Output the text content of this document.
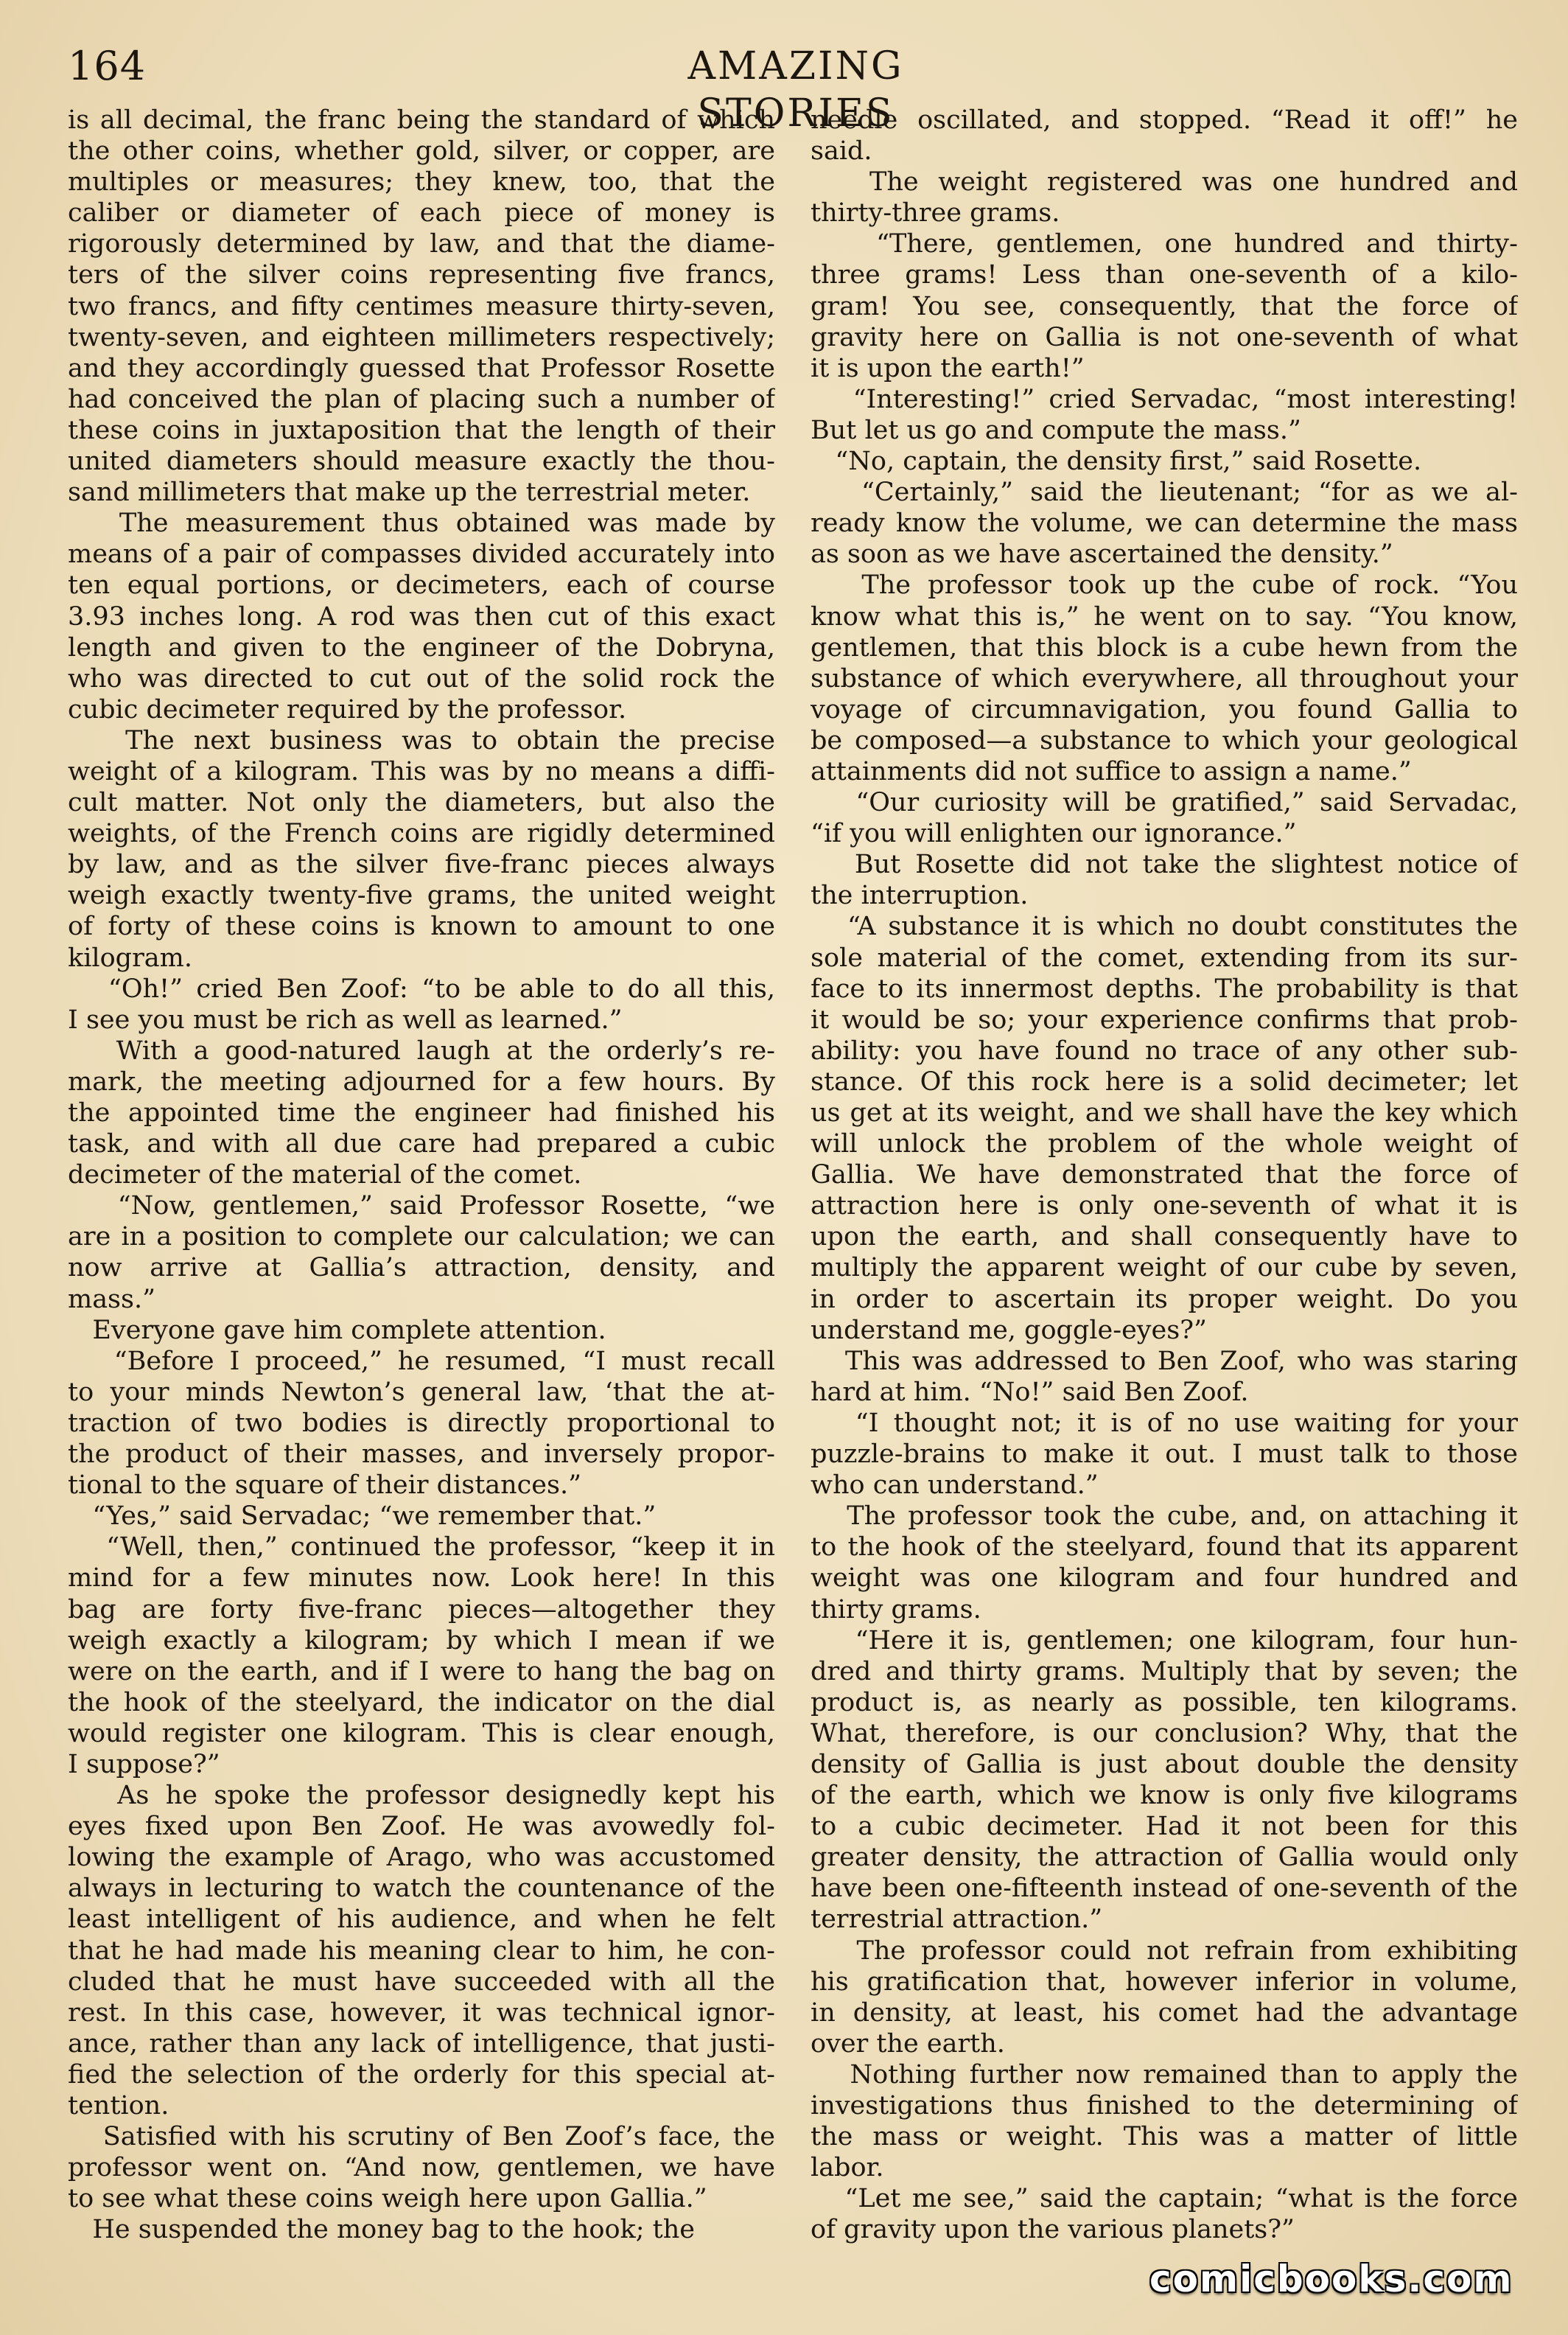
164	AMAZING STORIES
is all decimal, the franc being the standard of which
the other coins, whether gold, silver, or copper, are
multiples or measures; they knew, too, that the
caliber or diameter of each piece of money is
rigorously determined by law, and that the diame-
ters of the silver coins representing five francs,
two francs, and fifty centimes measure thirty-seven,
twenty-seven, and eighteen millimeters respectively;
and they accordingly guessed that Professor Rosette
had conceived the plan of placing such a number of
these coins in juxtaposition that the length of their
united diameters should measure exactly the thou-
sand millimeters that make up the terrestrial meter.
The measurement thus obtained was made by
means of a pair of compasses divided accurately into
ten equal portions, or decimeters, each of course
3.93 inches long. A rod was then cut of this exact
length and given to the engineer of the Dobryna,
who was directed to cut out of the solid rock the
cubic decimeter required by the professor.
The next business was to obtain the precise
weight of a kilogram. This was by no means a diffi-
cult matter. Not only the diameters, but also the
weights, of the French coins are rigidly determined
by law, and as the silver five-franc pieces always
weigh exactly twenty-five grams, the united weight
of forty of these coins is known to amount to one
kilogram.
“Oh!” cried Ben Zoof: “to be able to do all this,
I see you must be rich as well as learned.”
With a good-natured laugh at the orderly’s re-
mark, the meeting adjourned for a few hours. By
the appointed time the engineer had finished his
task, and with all due care had prepared a cubic
decimeter of the material of the comet.
“Now, gentlemen,” said Professor Rosette, “we
are in a position to complete our calculation; we can
now arrive at Gallia’s attraction, density, and
mass.”
Everyone gave him complete attention.
“Before I proceed,” he resumed, “I must recall
to your minds Newton’s general law, ‘that the at-
traction of two bodies is directly proportional to
the product of their masses, and inversely propor-
tional to the square of their distances.”
“Yes,” said Servadac; “we remember that.”
“Well, then,” continued the professor, “keep it in
mind for a few minutes now. Look here! In this
bag are forty five-franc pieces—altogether they
weigh exactly a kilogram; by which I mean if we
were on the earth, and if I were to hang the bag on
the hook of the steelyard, the indicator on the dial
would register one kilogram. This is clear enough,
I suppose?”
As he spoke the professor designedly kept his
eyes fixed upon Ben Zoof. He was avowedly fol-
lowing the example of Arago, who was accustomed
always in lecturing to watch the countenance of the
least intelligent of his audience, and when he felt
that he had made his meaning clear to him, he con-
cluded that he must have succeeded with all the
rest. In this case, however, it was technical ignor-
ance, rather than any lack of intelligence, that justi-
fied the selection of the orderly for this special at-
tention.
Satisfied with his scrutiny of Ben Zoof’s face, the
professor went on. “And now, gentlemen, we have
to see what these coins weigh here upon Gallia.”
He suspended the money bag to the hook; the
needle oscillated, and stopped. “Read it off!” he
said.
The weight registered was one hundred and
thirty-three grams.
“There, gentlemen, one hundred and thirty-
three grams! Less than one-seventh of a kilo-
gram! You see, consequently, that the force of
gravity here on Gallia is not one-seventh of what
it is upon the earth!”
“Interesting!” cried Servadac, “most interesting!
But let us go and compute the mass.”
“No, captain, the density first,” said Rosette.
“Certainly,” said the lieutenant; “for as we al-
ready know the volume, we can determine the mass
as soon as we have ascertained the density.”
The professor took up the cube of rock. “You
know what this is,” he went on to say. “You know,
gentlemen, that this block is a cube hewn from the
substance of which everywhere, all throughout your
voyage of circumnavigation, you found Gallia to
be composed—a substance to which your geological
attainments did not suffice to assign a name.”
“Our curiosity will be gratified,” said Servadac,
“if you will enlighten our ignorance.”
But Rosette did not take the slightest notice of
the interruption.
“A substance it is which no doubt constitutes the
sole material of the comet, extending from its sur-
face to its innermost depths. The probability is that
it would be so; your experience confirms that prob-
ability: you have found no trace of any other sub-
stance. Of this rock here is a solid decimeter; let
us get at its weight, and we shall have the key which
will unlock the problem of the whole weight of
Gallia. We have demonstrated that the force of
attraction here is only one-seventh of what it is
upon the earth, and shall consequently have to
multiply the apparent weight of our cube by seven,
in order to ascertain its proper weight. Do you
understand me, goggle-eyes?”
This was addressed to Ben Zoof, who was staring
hard at him. “No!” said Ben Zoof.
“I thought not; it is of no use waiting for your
puzzle-brains to make it out. I must talk to those
who can understand.”
The professor took the cube, and, on attaching it
to the hook of the steelyard, found that its apparent
weight was one kilogram and four hundred and
thirty grams.
“Here it is, gentlemen; one kilogram, four hun-
dred and thirty grams. Multiply that by seven; the
product is, as nearly as possible, ten kilograms.
What, therefore, is our conclusion? Why, that the
density of Gallia is just about double the density
of the earth, which we know is only five kilograms
to a cubic decimeter. Had it not been for this
greater density, the attraction of Gallia would only
have been one-fifteenth instead of one-seventh of the
terrestrial attraction.”
The professor could not refrain from exhibiting
his gratification that, however inferior in volume,
in density, at least, his comet had the advantage
over the earth.
Nothing further now remained than to apply the
investigations thus finished to the determining of
the mass or weight. This was a matter of little
labor.
“Let me see,” said the captain; “what is the force
of gravity upon the various planets?”
comicbooks.com
